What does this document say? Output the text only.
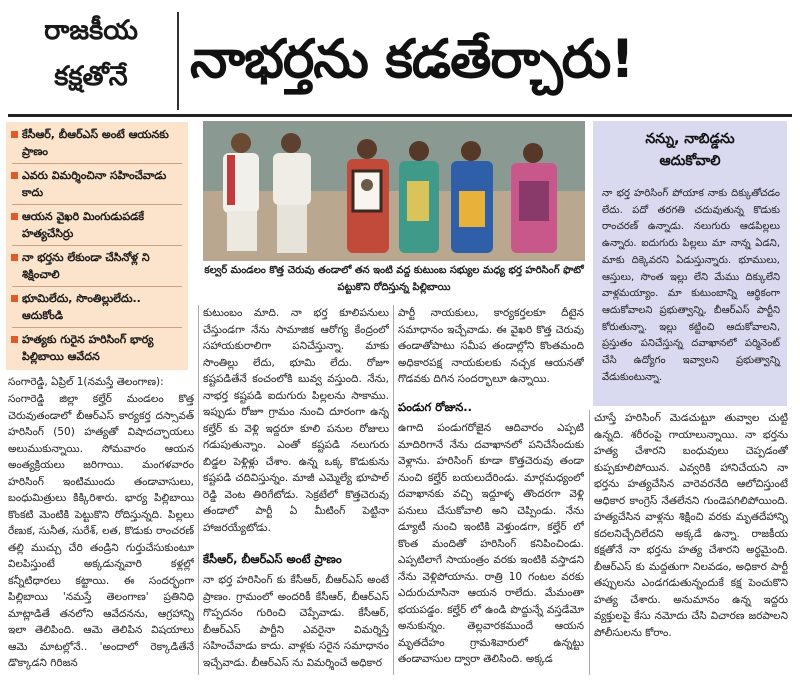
రాజకీయ
కక్షతోనే	నాభర్తను కడతేర్చారు!
కేసీఆర్, బీఆర్ఎస్ అంటే ఆయనకు ప్రాణం
ఎవరు విమర్శించినా సహించేవాడు కాదు
ఆయన వైఖరి మింగుడుపడకే హత్యచేసిర్రు
నా భర్తను లేకుండా చేసినోళ్ల ని శిక్షించాలి
భూమిలేదు, సొంతిల్లులేదు.. ఆదుకోండి
హత్యకు గురైన హరిసింగ్ భార్య పిల్లిబాయి ఆవేదన
కల్వర్ మండలం కొత్త చెరువు తండాలో తన ఇంటి వద్ద కుటుంబ సభ్యుల మధ్య భర్త హరిసింగ్ ఫొటో పట్టుకొని రోదిస్తున్న పిల్లిబాయి
నన్ను, నాబిడ్డను
ఆదుకోవాలి
నా భర్త హరిసింగ్ పోయాక నాకు దిక్కుతోచడం లేదు. పదో తరగతి చదువుతున్న కొడుకు రాంచరణ్ ఉన్నాడు. నలుగురు ఆడపిల్లలు ఉన్నారు. ఐదుగురు పిల్లలు మా నాన్న ఏడని, మాకు దిక్కెవరని ఏడుస్తున్నారు. భూములు, ఆస్తులు, సొంత ఇల్లు లేని మేము దిక్కులేని వాళ్లమయ్యాం. మా కుటుంబాన్ని ఆర్థికంగా ఆదుకోవాలని ప్రభుత్వాన్ని, బీఆర్ఎస్ పార్టీని కోరుతున్నా. ఇల్లు కట్టించి ఆదుకోవాలని, ప్రస్తుతం పనిచేస్తున్న దవాఖానలో పర్మినెంట్ చేసి ఉద్యోగం ఇవ్వాలని ప్రభుత్వాన్ని వేడుకుంటున్నా.
సంగారెడ్డి, ఏప్రిల్ 1(నమస్తే తెలంగాణ):
సంగారెడ్డి జిల్లా కల్హేర్ మండలం కొత్త చెరువుతండాలో బీఆర్ఎస్ కార్యకర్త దస్సావత్ హరిసింగ్ (50) హత్యతో విషాదచ్ఛాయలు అలుముకున్నాయి. సోమవారం ఆయన అంత్యక్రియలు జరిగాయి. మంగళవారం హరిసింగ్ ఇంటిముందు తండావాసులు, బంధుమిత్రులు కిక్కిరిశారు. భార్య పిల్లిబాయి కొంకటి మెంటికి పెట్టుకొని రోదిస్తున్నది. పిల్లలు రేణుక, సునీత, సురేశ్, లత, కొడుకు రాంచరణ్ తల్లి ముచ్చు చేరి తండ్రిని గుర్తుచేసుకుంటూ విలపిస్తుంటే అక్కడున్నవారి కళ్లల్లో కన్నీటిధారలు కట్టాయి. ఈ సందర్భంగా పిల్లిబాయి 'నమస్తే తెలంగాణ' ప్రతినిధి మాట్లాడితే తనలోని ఆవేదనను, ఆగ్రహాన్ని ఇలా తెలిపింది. ఆమె తెలిపిన విషయాలు ఆమె మాటల్లోనే.. 'అందాలో రెక్కాడితేనే డొక్కాడని గిరిజన
కుటుంబం మాది. నా భర్త కూలిపనులు చేస్తుండగా నేను సామాజిక ఆరోగ్య కేంద్రంలో సహాయకురాలిగా పనిచేస్తున్నా. మాకు సొంతిల్లు లేదు, భూమి లేదు. రోజూ కష్టపడితేనే కంచంలోకి బువ్వ వస్తుంది. నేను, నాభర్త కష్టపడి ఐదుగురు పిల్లలను సాకాము. ఇప్పుడు రోజూ గ్రామం నుంచి దూరంగా ఉన్న కల్హేర్ కు వెళ్లి ఇద్దరూ కూలి పనుల రోజులు గడుపుతున్నాం. ఎంతో కష్టపడి నలుగురు బిడ్డల పెళ్లిళ్లు చేశాం. ఉన్న ఒక్క కొడుకును కష్టపడి చదివిస్తున్నం. మాజీ ఎమ్మెల్యే భూపాల్ రెడ్డి వెంట తిరిగేటోడు. సెక్రటేలో కొత్తచెరువు తండాలో పార్టీ ఏ మీటింగ్ పెట్టినా హాజరయ్యేటోడు.
కేసీఆర్, బీఆర్ఎస్ అంటే ప్రాణం
నా భర్త హరిసింగ్ కు కేసీఆర్, బీఆర్ఎస్ అంటే ప్రాణం. గ్రామంలో అందరికీ కేసీఆర్, బీఆర్ఎస్ గొప్పదనం గురించి చెప్పేవాడు. కేసీఆర్, బీఆర్ఎస్ పార్టీని ఎవరైనా విమర్శిస్తే సహించేవాడు కాదు. వాళ్లకు సరైన సమాధానం ఇచ్చేవాడు. బీఆర్ఎస్ ను విమర్శించే అధికార
పార్టీ నాయకులు, కార్యకర్తలకూ దీటైన సమాధానం ఇచ్చేవాడు. ఈ వైఖరి కొత్త చెరువు తండాతోపాటు సమీప తండాల్లోని కొంతమంది అధికారపక్ష నాయకులకు నచ్చక ఆయనతో గొడవకు దిగిన సందర్భాలూ ఉన్నాయి.
పండుగ రోజున..
ఉగాది పండుగరోజైన ఆదివారం ఎప్పటి మాదిరిగానే నేను దవాఖానలో పనిచేసేందుకు వెళ్లాను. హరిసింగ్ కూడా కొత్తచెరువు తండా నుంచి కల్హేర్ బయలుదేరిండు. మార్గమధ్యంలో దవాఖానకు వచ్చి ఇద్దూళ్ళ తొందరగా వెళ్లి పనులు చేసుకోవాలి అని చెప్పిండు. నేను డ్యూటీ నుంచి ఇంటికి వెళ్తుండగా, కల్హేర్ లో కొంత మందితో హరిసింగ్ కనిపించిండు. ఎప్పటిలాగే సాయంత్రం వరకు ఇంటికి వస్తాడని నేను వెళ్లిపోయాను. రాత్రి 10 గంటల వరకు ఎదురుచూసినా ఆయన రాలేదు. మేమంతా భయపడ్డం. కల్హేర్ లో ఉండి పొద్దున్నే వస్తడేమో అనుకున్నం. తెల్లవారకముందే ఆయన మృతదేహం గ్రామశివారులో ఉన్నట్టు తండావాసుల ద్వారా తెలిసింది. అక్కడ
చూస్తే హరిసింగ్ మెడచుట్టూ తువ్వాల చుట్టి ఉన్నది. శరీరంపై గాయాలున్నాయి. నా భర్తను హత్య చేశారని బంధువులు చెప్పడంతో కుప్పకూలిపోయిన. ఎవ్వరికి హానిచేయని నా భర్తను హత్యచేసిన వారెవరనేది ఆలోచిస్తుంటే ఆధికార కాంగ్రెస్ నేతలేనని గుండెపగిలిపోయింది. హత్యచేసిన వాళ్లను శిక్షించి వరకు మృతదేహాన్ని కదలనిచ్చేదిలేదని అక్కడే ఉన్నా. రాజకీయ కక్షతోనే నా భర్తను హత్య చేశారని అర్థమైంది. బీఆర్ఎస్ కు మద్దతుగా నిలవడం, అధికార పార్టీ తప్పులను ఎండగడుతున్నందుకే కక్ష పెంచుకొని హత్య చేశారు. అనుమానం ఉన్న ఇద్దరు వ్యక్తులపై కేసు నమోదు చేసి విచారణ జరపాలని పోలీసులను కోరాం.
